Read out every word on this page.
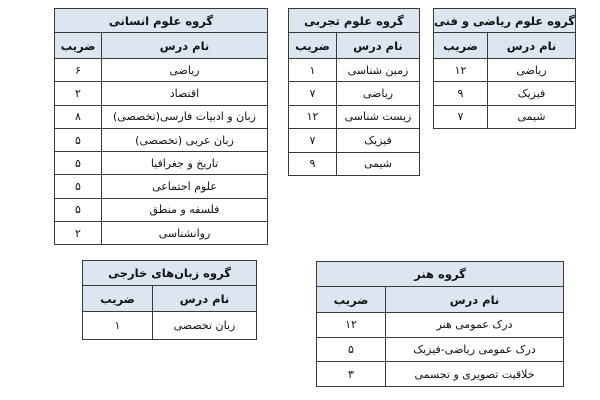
گروه علوم انسانی	
نام درس	ضریب
ریاضی	۶
اقتصاد	۲
زبان و ادبیات فارسی(تخصصی)	۸
زبان عربی (تخصصی)	۵
تاریخ و جغرافیا	۵
علوم اجتماعی	۵
فلسفه و منطق	۵
روانشناسی	۲
گروه علوم تجربی	
نام درس	ضریب
زمین شناسی	۱
ریاضی	۷
زیست شناسی	۱۲
فیزیک	۷
شیمی	۹
گروه علوم ریاضی و فنی	
نام درس	ضریب
ریاضی	۱۲
فیزیک	۹
شیمی	۷
گروه زبان‌های خارجی	
نام درس	ضریب
زبان تخصصی	۱
گروه هنر	
نام درس	ضریب
درک عمومی هنر	۱۲
درک عمومی ریاضی-فیزیک	۵
خلاقیت تصویری و تجسمی	۳
